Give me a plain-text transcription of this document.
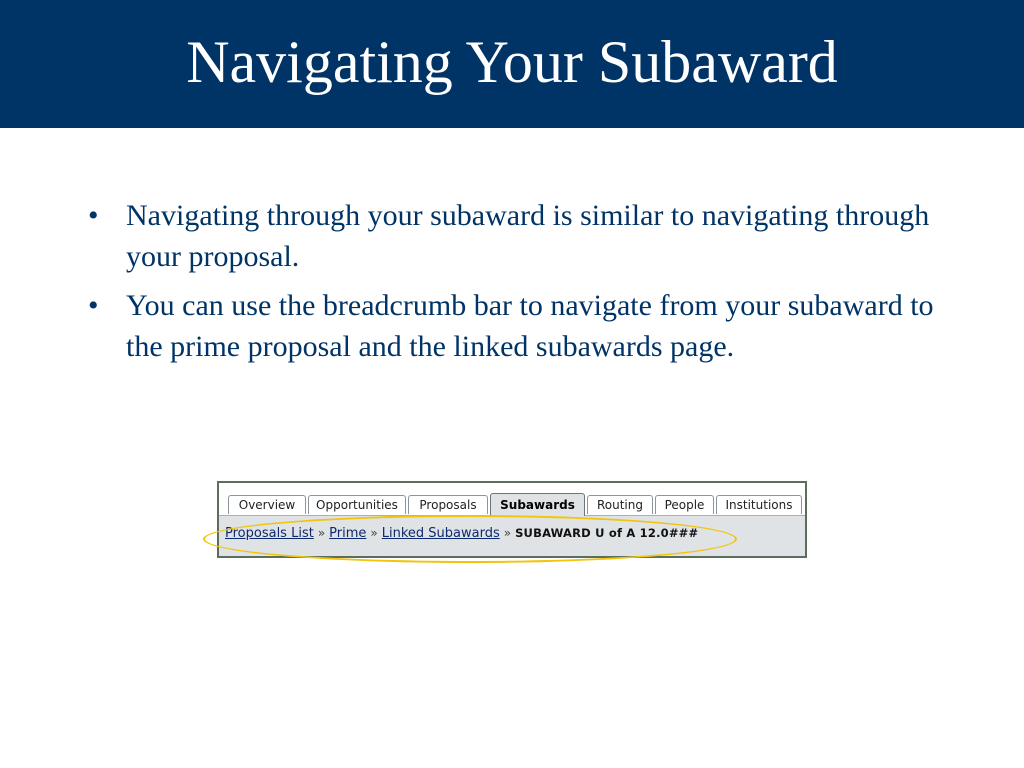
Navigating Your Subaward
• Navigating through your subaward is similar to navigating through your proposal.
• You can use the breadcrumb bar to navigate from your subaward to the prime proposal and the linked subawards page.
Overview	Opportunities	Proposals	Subawards	Routing	People	Institutions
Proposals List » Prime » Linked Subawards » SUBAWARD U of A 12.0###
